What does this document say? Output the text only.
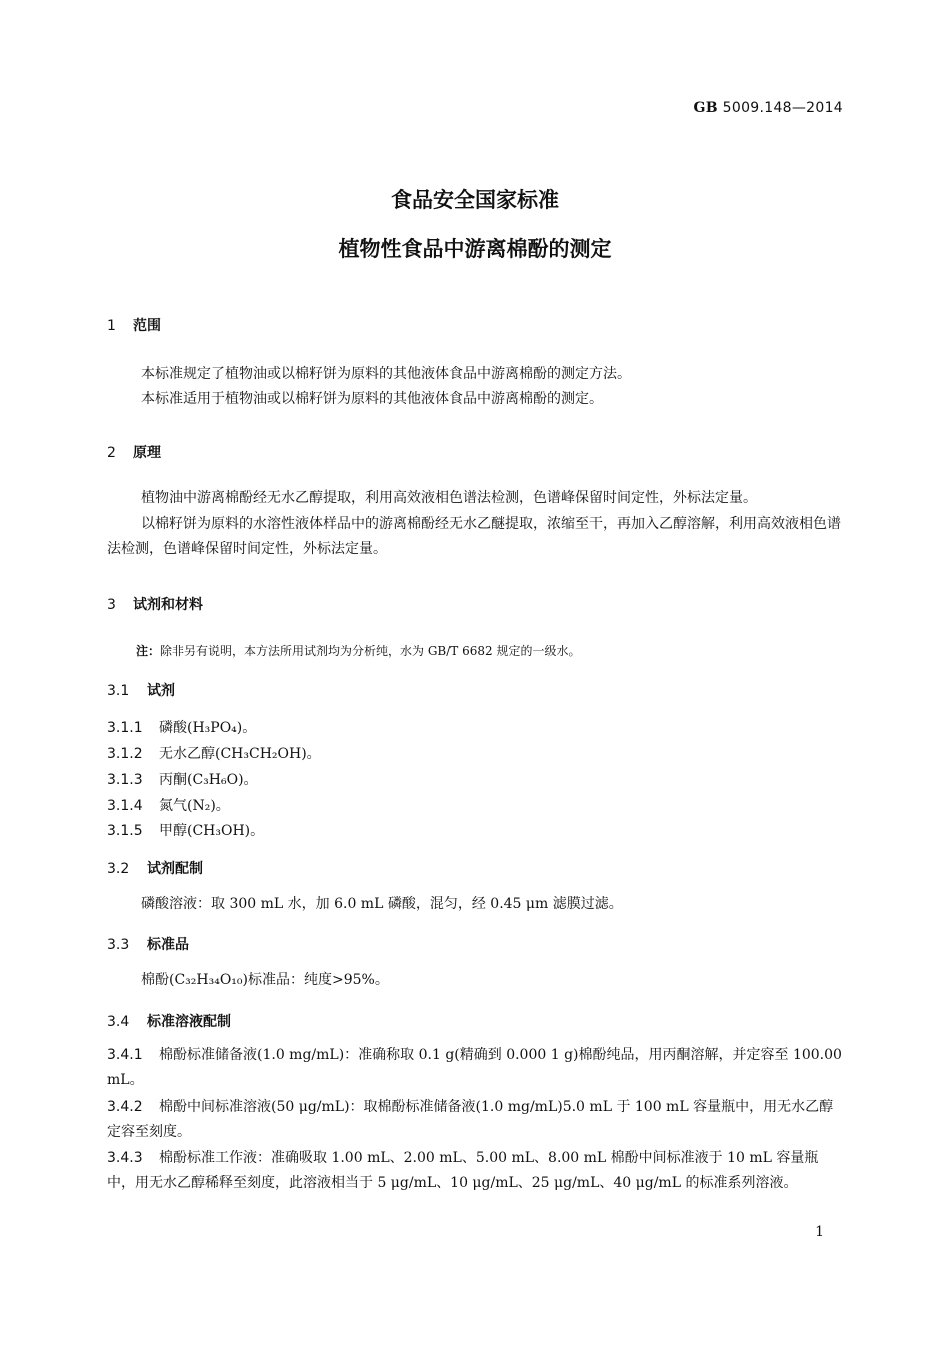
GB 5009.148—2014
食品安全国家标准
植物性食品中游离棉酚的测定
1 范围
本标准规定了植物油或以棉籽饼为原料的其他液体食品中游离棉酚的测定方法。
本标准适用于植物油或以棉籽饼为原料的其他液体食品中游离棉酚的测定。
2 原理
植物油中游离棉酚经无水乙醇提取，利用高效液相色谱法检测，色谱峰保留时间定性，外标法定量。
以棉籽饼为原料的水溶性液体样品中的游离棉酚经无水乙醚提取，浓缩至干，再加入乙醇溶解，利用高效液相色谱法检测，色谱峰保留时间定性，外标法定量。
3 试剂和材料
注：除非另有说明，本方法所用试剂均为分析纯，水为 GB/T 6682 规定的一级水。
3.1 试剂
3.1.1 磷酸(H₃PO₄)。
3.1.2 无水乙醇(CH₃CH₂OH)。
3.1.3 丙酮(C₃H₆O)。
3.1.4 氮气(N₂)。
3.1.5 甲醇(CH₃OH)。
3.2 试剂配制
磷酸溶液：取 300 mL 水，加 6.0 mL 磷酸，混匀，经 0.45 μm 滤膜过滤。
3.3 标准品
棉酚(C₃₂H₃₄O₁₀)标准品：纯度>95%。
3.4 标准溶液配制
3.4.1 棉酚标准储备液(1.0 mg/mL)：准确称取 0.1 g(精确到 0.000 1 g)棉酚纯品，用丙酮溶解，并定容至 100.00 mL。
3.4.2 棉酚中间标准溶液(50 μg/mL)：取棉酚标准储备液(1.0 mg/mL)5.0 mL 于 100 mL 容量瓶中，用无水乙醇定容至刻度。
3.4.3 棉酚标准工作液：准确吸取 1.00 mL、2.00 mL、5.00 mL、8.00 mL 棉酚中间标准液于 10 mL 容量瓶中，用无水乙醇稀释至刻度，此溶液相当于 5 μg/mL、10 μg/mL、25 μg/mL、40 μg/mL 的标准系列溶液。
1
